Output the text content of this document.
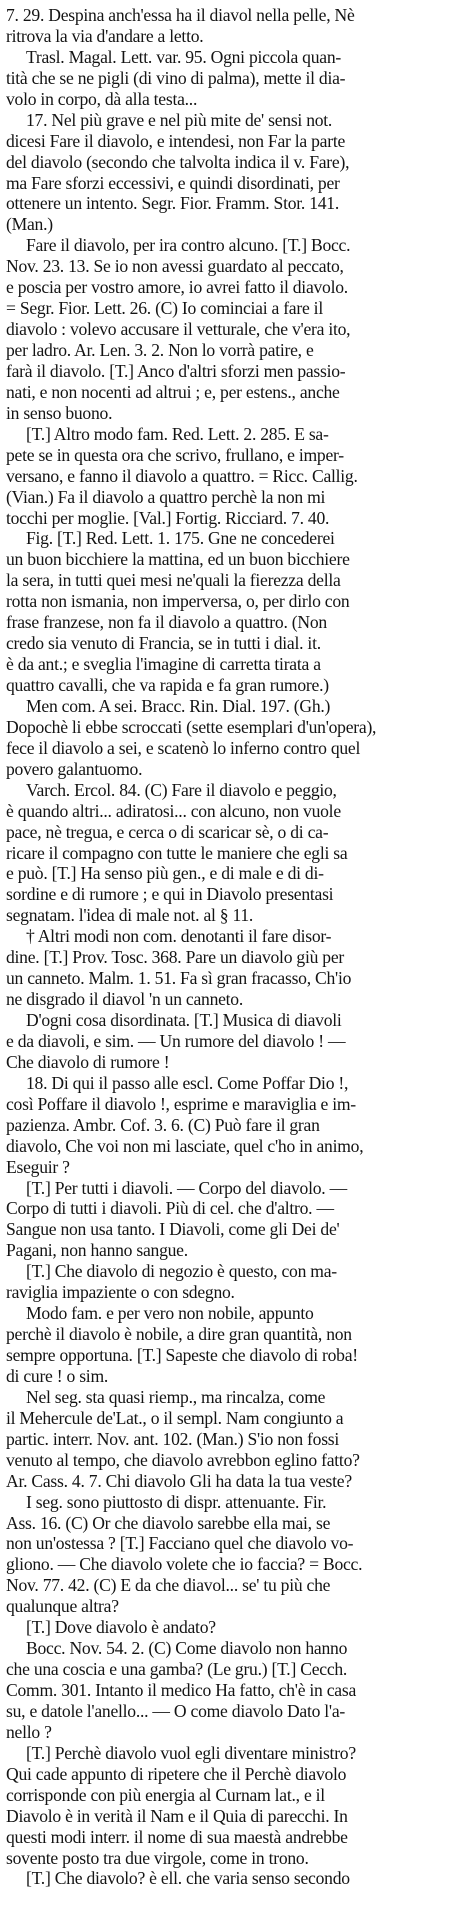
7. 29. Despina anch'essa ha il diavol nella pelle, Nè
ritrova la via d'andare a letto.
Trasl. Magal. Lett. var. 95. Ogni piccola quan-
tità che se ne pigli (di vino di palma), mette il dia-
volo in corpo, dà alla testa...
17. Nel più grave e nel più mite de' sensi not.
dicesi Fare il diavolo, e intendesi, non Far la parte
del diavolo (secondo che talvolta indica il v. Fare),
ma Fare sforzi eccessivi, e quindi disordinati, per
ottenere un intento. Segr. Fior. Framm. Stor. 141.
(Man.)
Fare il diavolo, per ira contro alcuno. [T.] Bocc.
Nov. 23. 13. Se io non avessi guardato al peccato,
e poscia per vostro amore, io avrei fatto il diavolo.
= Segr. Fior. Lett. 26. (C) Io cominciai a fare il
diavolo : volevo accusare il vetturale, che v'era ito,
per ladro. Ar. Len. 3. 2. Non lo vorrà patire, e
farà il diavolo. [T.] Anco d'altri sforzi men passio-
nati, e non nocenti ad altrui ; e, per estens., anche
in senso buono.
[T.] Altro modo fam. Red. Lett. 2. 285. E sa-
pete se in questa ora che scrivo, frullano, e imper-
versano, e fanno il diavolo a quattro. = Ricc. Callig.
(Vian.) Fa il diavolo a quattro perchè la non mi
tocchi per moglie. [Val.] Fortig. Ricciard. 7. 40.
Fig. [T.] Red. Lett. 1. 175. Gne ne concederei
un buon bicchiere la mattina, ed un buon bicchiere
la sera, in tutti quei mesi ne'quali la fierezza della
rotta non ismania, non imperversa, o, per dirlo con
frase franzese, non fa il diavolo a quattro. (Non
credo sia venuto di Francia, se in tutti i dial. it.
è da ant.; e sveglia l'imagine di carretta tirata a
quattro cavalli, che va rapida e fa gran rumore.)
Men com. A sei. Bracc. Rin. Dial. 197. (Gh.)
Dopochè li ebbe scroccati (sette esemplari d'un'opera),
fece il diavolo a sei, e scatenò lo inferno contro quel
povero galantuomo.
Varch. Ercol. 84. (C) Fare il diavolo e peggio,
è quando altri... adiratosi... con alcuno, non vuole
pace, nè tregua, e cerca o di scaricar sè, o di ca-
ricare il compagno con tutte le maniere che egli sa
e può. [T.] Ha senso più gen., e di male e di di-
sordine e di rumore ; e qui in Diavolo presentasi
segnatam. l'idea di male not. al § 11.
† Altri modi non com. denotanti il fare disor-
dine. [T.] Prov. Tosc. 368. Pare un diavolo giù per
un canneto. Malm. 1. 51. Fa sì gran fracasso, Ch'io
ne disgrado il diavol 'n un canneto.
D'ogni cosa disordinata. [T.] Musica di diavoli
e da diavoli, e sim. — Un rumore del diavolo ! —
Che diavolo di rumore !
18. Di qui il passo alle escl. Come Poffar Dio !,
così Poffare il diavolo !, esprime e maraviglia e im-
pazienza. Ambr. Cof. 3. 6. (C) Può fare il gran
diavolo, Che voi non mi lasciate, quel c'ho in animo,
Eseguir ?
[T.] Per tutti i diavoli. — Corpo del diavolo. —
Corpo di tutti i diavoli. Più di cel. che d'altro. —
Sangue non usa tanto. I Diavoli, come gli Dei de'
Pagani, non hanno sangue.
[T.] Che diavolo di negozio è questo, con ma-
raviglia impaziente o con sdegno.
Modo fam. e per vero non nobile, appunto
perchè il diavolo è nobile, a dire gran quantità, non
sempre opportuna. [T.] Sapeste che diavolo di roba!
di cure ! o sim.
Nel seg. sta quasi riemp., ma rincalza, come
il Mehercule de'Lat., o il sempl. Nam congiunto a
partic. interr. Nov. ant. 102. (Man.) S'io non fossi
venuto al tempo, che diavolo avrebbon eglino fatto?
Ar. Cass. 4. 7. Chi diavolo Gli ha data la tua veste?
I seg. sono piuttosto di dispr. attenuante. Fir.
Ass. 16. (C) Or che diavolo sarebbe ella mai, se
non un'ostessa ? [T.] Facciano quel che diavolo vo-
gliono. — Che diavolo volete che io faccia? = Bocc.
Nov. 77. 42. (C) E da che diavol... se' tu più che
qualunque altra?
[T.] Dove diavolo è andato?
Bocc. Nov. 54. 2. (C) Come diavolo non hanno
che una coscia e una gamba? (Le gru.) [T.] Cecch.
Comm. 301. Intanto il medico Ha fatto, ch'è in casa
su, e datole l'anello... — O come diavolo Dato l'a-
nello ?
[T.] Perchè diavolo vuol egli diventare ministro?
Qui cade appunto di ripetere che il Perchè diavolo
corrisponde con più energia al Curnam lat., e il
Diavolo è in verità il Nam e il Quia di parecchi. In
questi modi interr. il nome di sua maestà andrebbe
sovente posto tra due virgole, come in trono.
[T.] Che diavolo? è ell. che varia senso secondo
